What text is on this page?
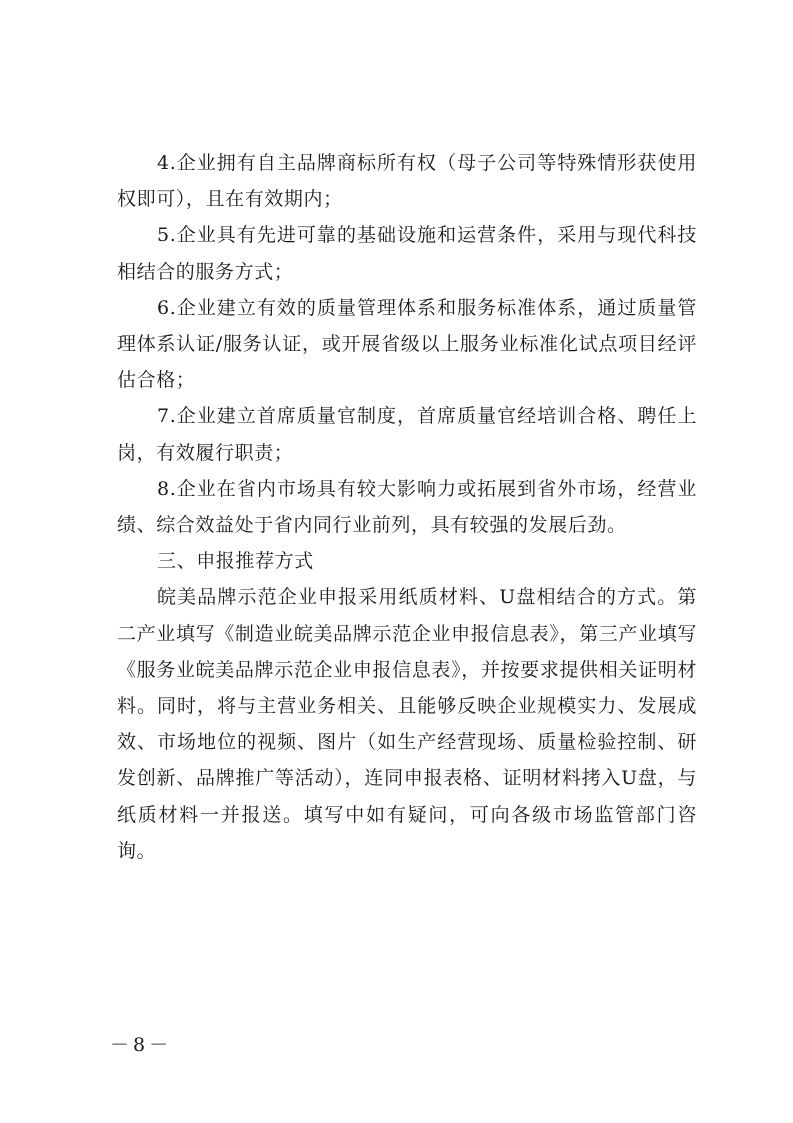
4.企业拥有自主品牌商标所有权（母子公司等特殊情形获使用权即可），且在有效期内；

5.企业具有先进可靠的基础设施和运营条件，采用与现代科技相结合的服务方式；

6.企业建立有效的质量管理体系和服务标准体系，通过质量管理体系认证/服务认证，或开展省级以上服务业标准化试点项目经评估合格；

7.企业建立首席质量官制度，首席质量官经培训合格、聘任上岗，有效履行职责；

8.企业在省内市场具有较大影响力或拓展到省外市场，经营业绩、综合效益处于省内同行业前列，具有较强的发展后劲。

三、申报推荐方式

皖美品牌示范企业申报采用纸质材料、U盘相结合的方式。第二产业填写《制造业皖美品牌示范企业申报信息表》，第三产业填写《服务业皖美品牌示范企业申报信息表》，并按要求提供相关证明材料。同时，将与主营业务相关、且能够反映企业规模实力、发展成效、市场地位的视频、图片（如生产经营现场、质量检验控制、研发创新、品牌推广等活动），连同申报表格、证明材料拷入U盘，与纸质材料一并报送。填写中如有疑问，可向各级市场监管部门咨询。

－8－
